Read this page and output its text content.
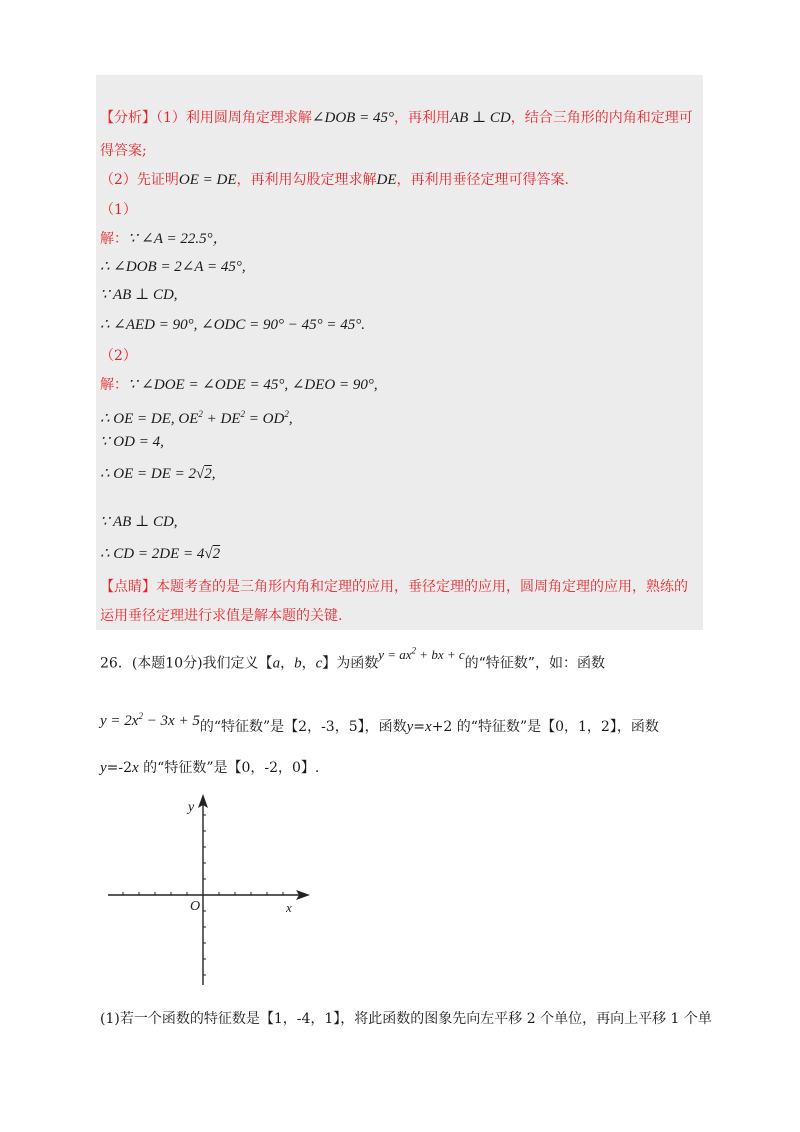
【分析】（1）利用圆周角定理求解∠DOB = 45°，再利用AB ⊥ CD，结合三角形的内角和定理可
得答案;
（2）先证明OE = DE，再利用勾股定理求解DE，再利用垂径定理可得答案.
（1）
解：∵ ∠A = 22.5°，
∴ ∠DOB = 2∠A = 45°,
∵ AB ⊥ CD,
∴ ∠AED = 90°, ∠ODC = 90° − 45° = 45°.
（2）
解：∵ ∠DOE = ∠ODE = 45°, ∠DEO = 90°,
∴ OE = DE, $OE^2 + DE^2 = OD^2$,
∵ OD = 4,
∴ OE = DE = 2√2,
∵ AB ⊥ CD,
∴ CD = 2DE = 4√2
【点睛】本题考查的是三角形内角和定理的应用，垂径定理的应用，圆周角定理的应用，熟练的
运用垂径定理进行求值是解本题的关键.
26．(本题10分)我们定义【a，b，c】为函数$y = ax^2$ + bx + c的“特征数”，如：函数
$y = 2x^2 - 3x + 5$的“特征数”是【2，-3，5】，函数y=x+2 的“特征数”是【0，1，2】，函数
y=-2x 的“特征数”是【0，-2，0】.
y
x
O
(1)若一个函数的特征数是【1，-4，1】，将此函数的图象先向左平移 2 个单位，再向上平移 1 个单
